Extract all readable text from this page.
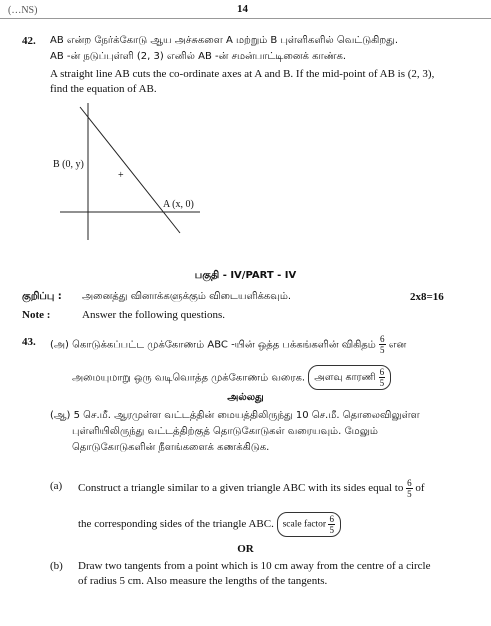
(…NS)	14
42. AB என்ற நேர்க்கோடு ஆய அச்சுகளை A மற்றும் B புள்ளிகளில் வெட்டுகிறது.
AB -ன் நடுப்புள்ளி (2, 3) எனில் AB -ன் சமன்பாட்டினைக் காண்க.
A straight line AB cuts the co-ordinate axes at A and B. If the mid-point of AB is (2, 3),
find the equation of AB.
+
B (0, y)
A (x, 0)
பகுதி - IV/PART - IV
குறிப்பு : அனைத்து வினாக்களுக்கும் விடையளிக்கவும்.	2x8=16
Note :	Answer the following questions.
43. (அ) கொடுக்கப்பட்ட முக்கோணம் ABC -யின் ஒத்த பக்கங்களின் விகிதம் $\frac{6}{5}$ என
அமையுமாறு ஒரு வடிவொத்த முக்கோணம் வரைக. அளவு காரணி $\frac{6}{5}$
அல்லது
(ஆ) 5 செ.மீ. ஆரமுள்ள வட்டத்தின் மையத்திலிருந்து 10 செ.மீ. தொலைவிலுள்ள
புள்ளியிலிருந்து வட்டத்திற்குத் தொடுகோடுகள் வரையவும். மேலும்
தொடுகோடுகளின் நீளங்களைக் கணக்கிடுக.
(a) Construct a triangle similar to a given triangle ABC with its sides equal to $\frac{6}{5}$ of
the corresponding sides of the triangle ABC. scale factor $\frac{6}{5}$
OR
(b) Draw two tangents from a point which is 10 cm away from the centre of a circle
of radius 5 cm. Also measure the lengths of the tangents.
